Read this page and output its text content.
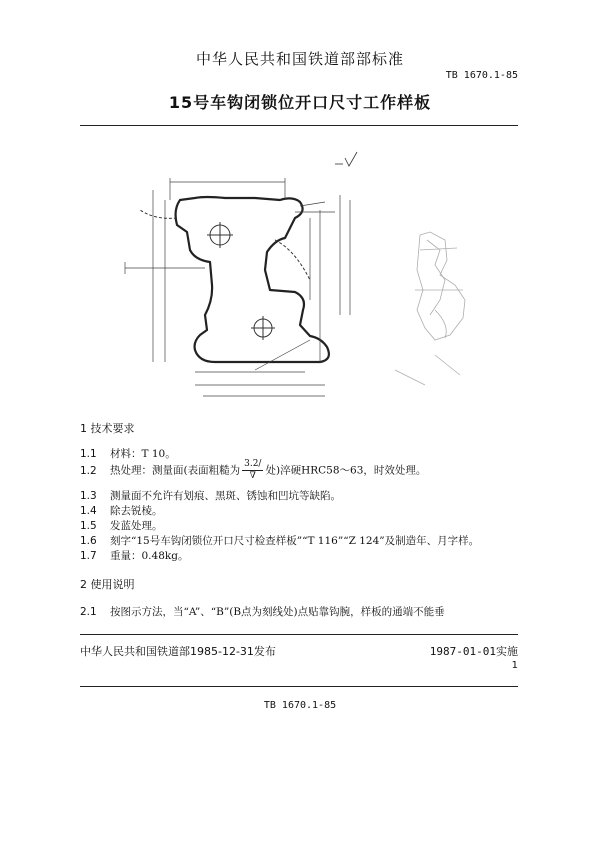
中华人民共和国铁道部部标准
TB 1670.1-85
15号车钩闭锁位开口尺寸工作样板
1 技术要求
1.1 材料：T 10。
1.2 热处理：测量面(表面粗糙为 $\frac{3.2/}{\nabla}$ 处)淬硬HRC58～63，时效处理。
1.3 测量面不允许有划痕、黑斑、锈蚀和凹坑等缺陷。
1.4 除去锐棱。
1.5 发蓝处理。
1.6 刻字“15号车钩闭锁位开口尺寸检查样板”“T 116”“Z 124”及制造年、月字样。
1.7 重量：0.48kg。
2 使用说明
2.1 按图示方法，当“A”、“B”(B点为刻线处)点贴靠钩腕，样板的通端不能垂
中华人民共和国铁道部1985-12-31发布	1987-01-01实施
1
TB 1670.1-85
